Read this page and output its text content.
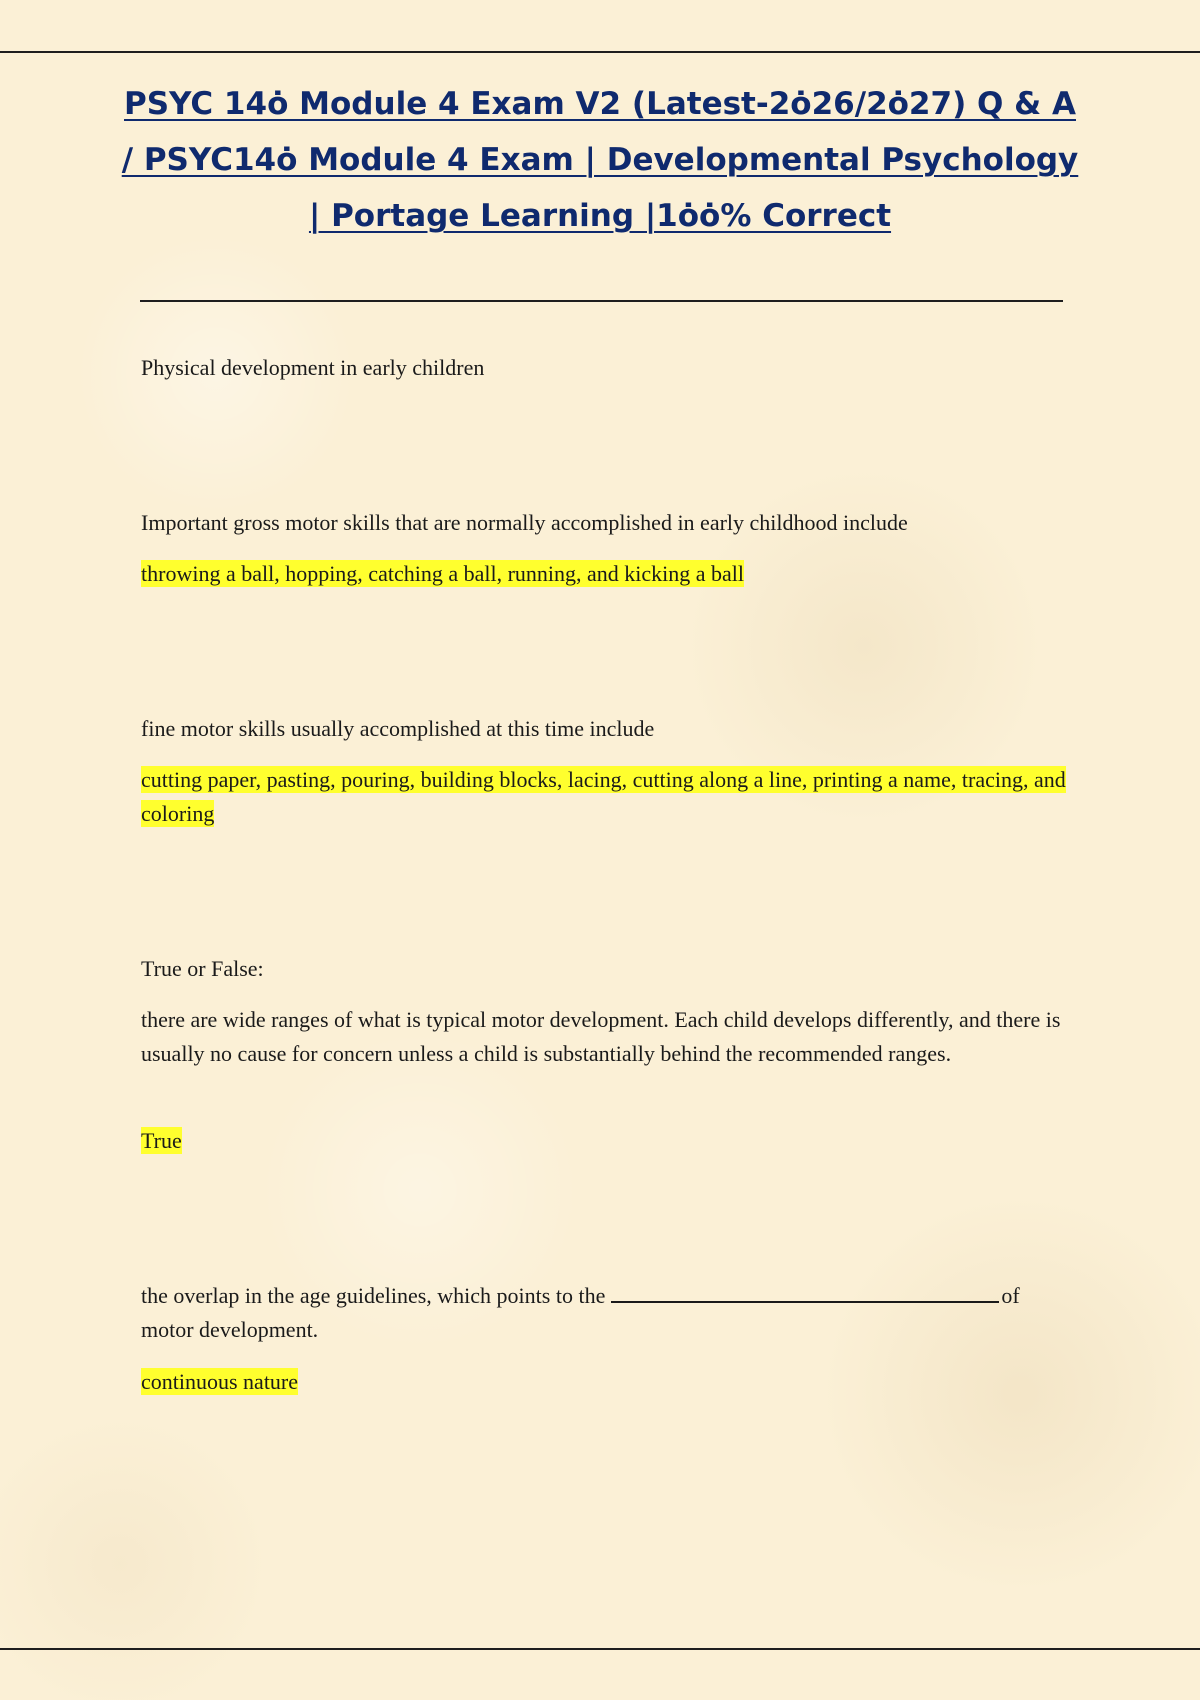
PSYC 14ȯ Module 4 Exam V2 (Latest-2ȯ26/2ȯ27) Q & A / PSYC14ȯ Module 4 Exam | Developmental Psychology | Portage Learning |1ȯȯ% Correct

Physical development in early children

Important gross motor skills that are normally accomplished in early childhood include

throwing a ball, hopping, catching a ball, running, and kicking a ball

fine motor skills usually accomplished at this time include

cutting paper, pasting, pouring, building blocks, lacing, cutting along a line, printing a name, tracing, and coloring

True or False:

there are wide ranges of what is typical motor development. Each child develops differently, and there is usually no cause for concern unless a child is substantially behind the recommended ranges.

True

the overlap in the age guidelines, which points to the	of motor development.

continuous nature
